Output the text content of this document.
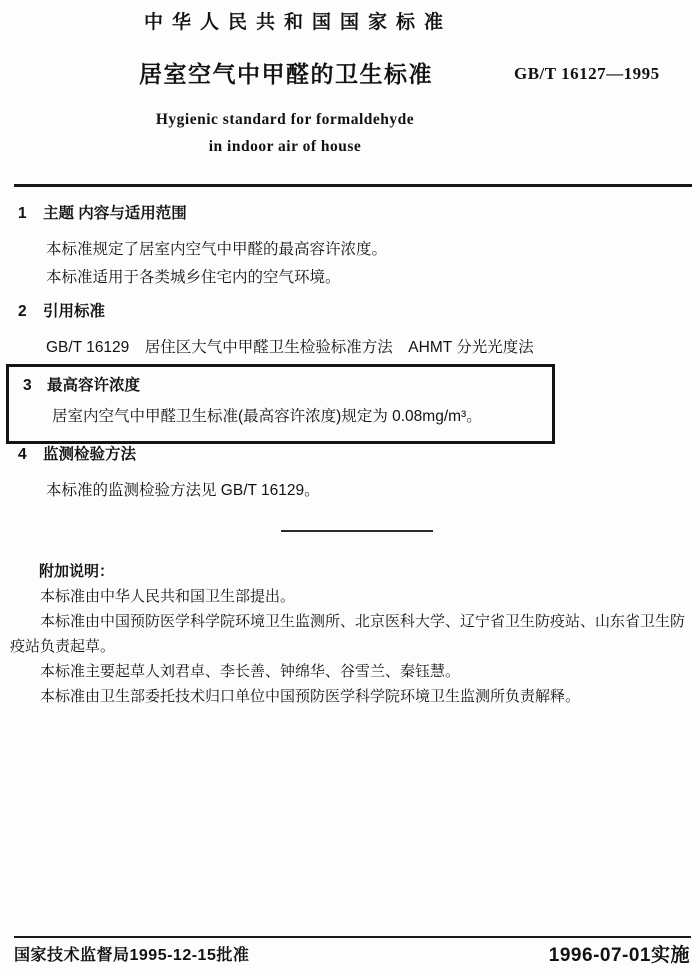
中华人民共和国国家标准
居室空气中甲醛的卫生标准	GB/T 16127—1995
Hygienic standard for formaldehyde
in indoor air of house
1	主题 内容与适用范围

本标准规定了居室内空气中甲醛的最高容许浓度。

本标准适用于各类城乡住宅内的空气环境。

2	引用标准

GB/T 16129　居住区大气中甲醛卫生检验标准方法　AHMT 分光光度法

3 最高容许浓度

居室内空气中甲醛卫生标准(最高容许浓度)规定为 0.08mg/m³。

4	监测检验方法

本标准的监测检验方法见 GB/T 16129。

附加说明：

本标准由中华人民共和国卫生部提出。

本标准由中国预防医学科学院环境卫生监测所、北京医科大学、辽宁省卫生防疫站、山东省卫生防疫站负责起草。

本标准主要起草人刘君卓、李长善、钟绵华、谷雪兰、秦钰慧。

本标准由卫生部委托技术归口单位中国预防医学科学院环境卫生监测所负责解释。

国家技术监督局1995-12-15批准	1996-07-01实施
